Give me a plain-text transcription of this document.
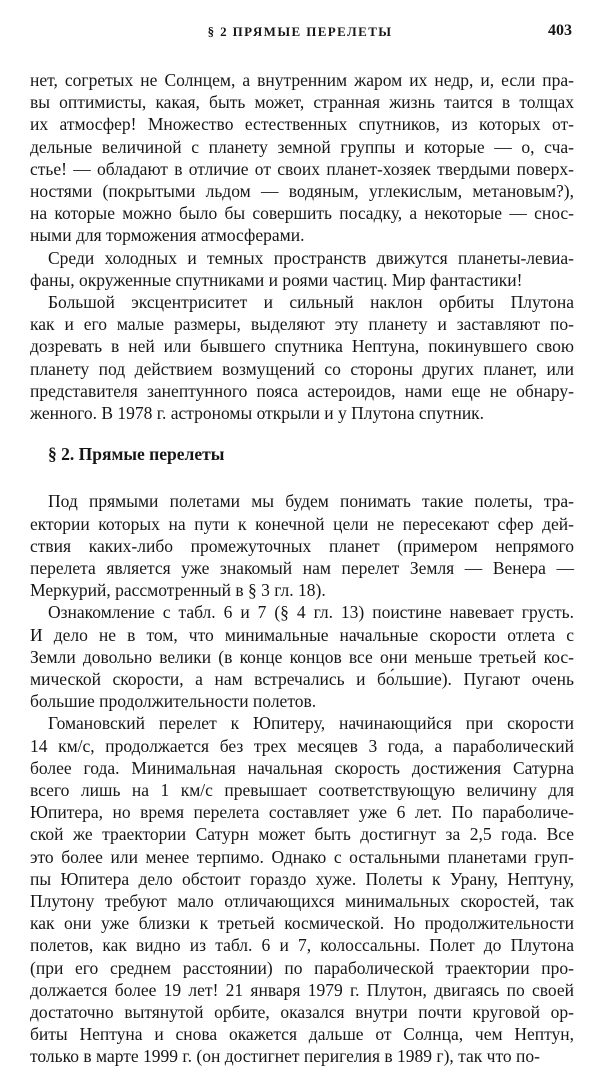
§ 2 ПРЯМЫЕ ПЕРЕЛЕТЫ	403
§ 2. Прямые перелеты
нет, согретых не Солнцем, а внутренним жаром их недр, и, если пра-
вы оптимисты, какая, быть может, странная жизнь таится в толщах
их атмосфер! Множество естественных спутников, из которых от-
дельные величиной с планету земной группы и которые — о, сча-
стье! — обладают в отличие от своих планет-хозяек твердыми поверх-
ностями (покрытыми льдом — водяным, углекислым, метановым?),
на которые можно было бы совершить посадку, а некоторые — снос-
ными для торможения атмосферами.
Среди холодных и темных пространств движутся планеты-левиа-
фаны, окруженные спутниками и роями частиц. Мир фантастики!
Большой эксцентриситет и сильный наклон орбиты Плутона
как и его малые размеры, выделяют эту планету и заставляют по-
дозревать в ней или бывшего спутника Нептуна, покинувшего свою
планету под действием возмущений со стороны других планет, или
представителя занептунного пояса астероидов, нами еще не обнару-
женного. В 1978 г. астрономы открыли и у Плутона спутник.
Под прямыми полетами мы будем понимать такие полеты, тра-
ектории которых на пути к конечной цели не пересекают сфер дей-
ствия каких-либо промежуточных планет (примером непрямого
перелета является уже знакомый нам перелет Земля — Венера —
Меркурий, рассмотренный в § 3 гл. 18).
Ознакомление с табл. 6 и 7 (§ 4 гл. 13) поистине навевает грусть.
И дело не в том, что минимальные начальные скорости отлета с
Земли довольно велики (в конце концов все они меньше третьей кос-
мической скорости, а нам встречались и бо́льшие). Пугают очень
большие продолжительности полетов.
Гомановский перелет к Юпитеру, начинающийся при скорости
14 км/с, продолжается без трех месяцев 3 года, а параболический
более года. Минимальная начальная скорость достижения Сатурна
всего лишь на 1 км/с превышает соответствующую величину для
Юпитера, но время перелета составляет уже 6 лет. По параболиче-
ской же траектории Сатурн может быть достигнут за 2,5 года. Все
это более или менее терпимо. Однако с остальными планетами груп-
пы Юпитера дело обстоит гораздо хуже. Полеты к Урану, Нептуну,
Плутону требуют мало отличающихся минимальных скоростей, так
как они уже близки к третьей космической. Но продолжительности
полетов, как видно из табл. 6 и 7, колоссальны. Полет до Плутона
(при его среднем расстоянии) по параболической траектории про-
должается более 19 лет! 21 января 1979 г. Плутон, двигаясь по своей
достаточно вытянутой орбите, оказался внутри почти круговой ор-
биты Нептуна и снова окажется дальше от Солнца, чем Нептун,
только в марте 1999 г. (он достигнет перигелия в 1989 г), так что по-
